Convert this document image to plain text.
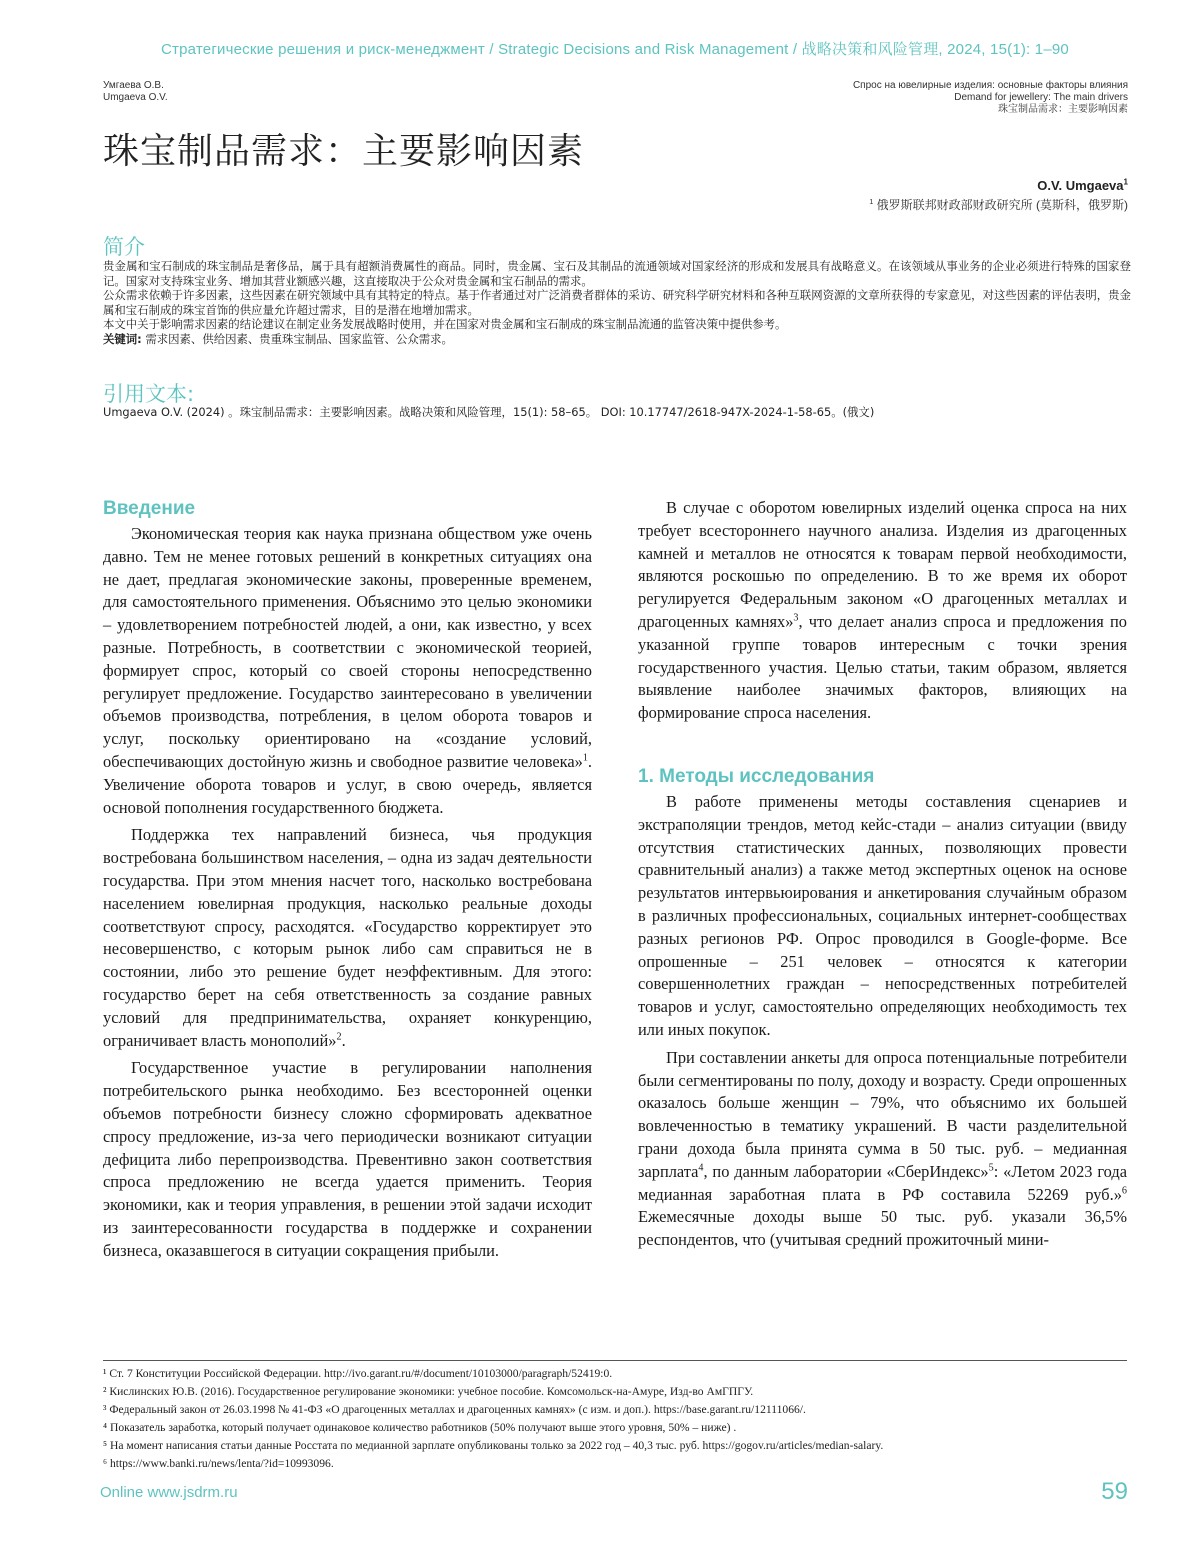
Стратегические решения и риск-менеджмент / Strategic Decisions and Risk Management / 战略决策和风险管理, 2024, 15(1): 1–90
Умгаева О.В.
Umgaeva O.V.
Спрос на ювелирные изделия: основные факторы влияния
Demand for jewellery: The main drivers
珠宝制品需求：主要影响因素
珠宝制品需求：主要影响因素
O.V. Umgaeva$^1$
$^1$ 俄罗斯联邦财政部财政研究所 (莫斯科，俄罗斯)
简介

贵金属和宝石制成的珠宝制品是奢侈品，属于具有超额消费属性的商品。同时，贵金属、宝石及其制品的流通领域对国家经济的形成和发展具有战略意义。在该领域从事业务的企业必须进行特殊的国家登记。国家对支持珠宝业务、增加其营业额感兴趣，这直接取决于公众对贵金属和宝石制品的需求。

公众需求依赖于许多因素，这些因素在研究领域中具有其特定的特点。基于作者通过对广泛消费者群体的采访、研究科学研究材料和各种互联网资源的文章所获得的专家意见，对这些因素的评估表明，贵金属和宝石制成的珠宝首饰的供应量允许超过需求，目的是潜在地增加需求。

本文中关于影响需求因素的结论建议在制定业务发展战略时使用，并在国家对贵金属和宝石制成的珠宝制品流通的监管决策中提供参考。

关键词: 需求因素、供给因素、贵重珠宝制品、国家监管、公众需求。

引用文本:
Umgaeva O.V. (2024) 。珠宝制品需求：主要影响因素。战略决策和风险管理，15(1): 58–65。 DOI: 10.17747/2618-947X-2024-1-58-65。(俄文)
Введение

Экономическая теория как наука признана обществом уже очень давно. Тем не менее готовых решений в конкретных ситуациях она не дает, предлагая экономические законы, проверенные временем, для самостоятельного применения. Объяснимо это целью экономики – удовлетворением потребностей людей, а они, как известно, у всех разные. Потребность, в соответствии с экономической теорией, формирует спрос, который со своей стороны непосредственно регулирует предложение. Государство заинтересовано в увеличении объемов производства, потребления, в целом оборота товаров и услуг, поскольку ориентировано на «создание условий, обеспечивающих достойную жизнь и свободное развитие человека»$^1$. Увеличение оборота товаров и услуг, в свою очередь, является основой пополнения государственного бюджета.

Поддержка тех направлений бизнеса, чья продукция востребована большинством населения, – одна из задач деятельности государства. При этом мнения насчет того, насколько востребована населением ювелирная продукция, насколько реальные доходы соответствуют спросу, расходятся. «Государство корректирует это несовершенство, с которым рынок либо сам справиться не в состоянии, либо это решение будет неэффективным. Для этого: государство берет на себя ответственность за создание равных условий для предпринимательства, охраняет конкуренцию, ограничивает власть монополий»$^2$.

Государственное участие в регулировании наполнения потребительского рынка необходимо. Без всесторонней оценки объемов потребности бизнесу сложно сформировать адекватное спросу предложение, из-за чего периодически возникают ситуации дефицита либо перепроизводства. Превентивно закон соответствия спроса предложению не всегда удается применить. Теория экономики, как и теория управления, в решении этой задачи исходит из заинтересованности государства в поддержке и сохранении бизнеса, оказавшегося в ситуации сокращения прибыли.

В случае с оборотом ювелирных изделий оценка спроса на них требует всестороннего научного анализа. Изделия из драгоценных камней и металлов не относятся к товарам первой необходимости, являются роскошью по определению. В то же время их оборот регулируется Федеральным законом «О драгоценных металлах и драгоценных камнях»$^3$, что делает анализ спроса и предложения по указанной группе товаров интересным с точки зрения государственного участия. Целью статьи, таким образом, является выявление наиболее значимых факторов, влияющих на формирование спроса населения.

1. Методы исследования

В работе применены методы составления сценариев и экстраполяции трендов, метод кейс-стади – анализ ситуации (ввиду отсутствия статистических данных, позволяющих провести сравнительный анализ) а также метод экспертных оценок на основе результатов интервьюирования и анкетирования случайным образом в различных профессиональных, социальных интернет-сообществах разных регионов РФ. Опрос проводился в Google-форме. Все опрошенные – 251 человек – относятся к категории совершеннолетних граждан – непосредственных потребителей товаров и услуг, самостоятельно определяющих необходимость тех или иных покупок.

При составлении анкеты для опроса потенциальные потребители были сегментированы по полу, доходу и возрасту. Среди опрошенных оказалось больше женщин – 79%, что объяснимо их большей вовлеченностью в тематику украшений. В части разделительной грани дохода была принята сумма в 50 тыс. руб. – медианная зарплата$^4$, по данным лаборатории «СберИндекс»$^5$: «Летом 2023 года медианная заработная плата в РФ составила 52269 руб.»$^6$ Ежемесячные доходы выше 50 тыс. руб. указали 36,5% респондентов, что (учитывая средний прожиточный мини-

¹ Ст. 7 Конституции Российской Федерации. http://ivo.garant.ru/#/document/10103000/paragraph/52419:0.
² Кислинских Ю.В. (2016). Государственное регулирование экономики: учебное пособие. Комсомольск-на-Амуре, Изд-во АмГПГУ.
³ Федеральный закон от 26.03.1998 № 41-ФЗ «О драгоценных металлах и драгоценных камнях» (с изм. и доп.). https://base.garant.ru/12111066/.
⁴ Показатель заработка, который получает одинаковое количество работников (50% получают выше этого уровня, 50% – ниже) .
⁵ На момент написания статьи данные Росстата по медианной зарплате опубликованы только за 2022 год – 40,3 тыс. руб. https://gogov.ru/articles/median-salary.
⁶ https://www.banki.ru/news/lenta/?id=10993096.
Online www.jsdrm.ru	59
